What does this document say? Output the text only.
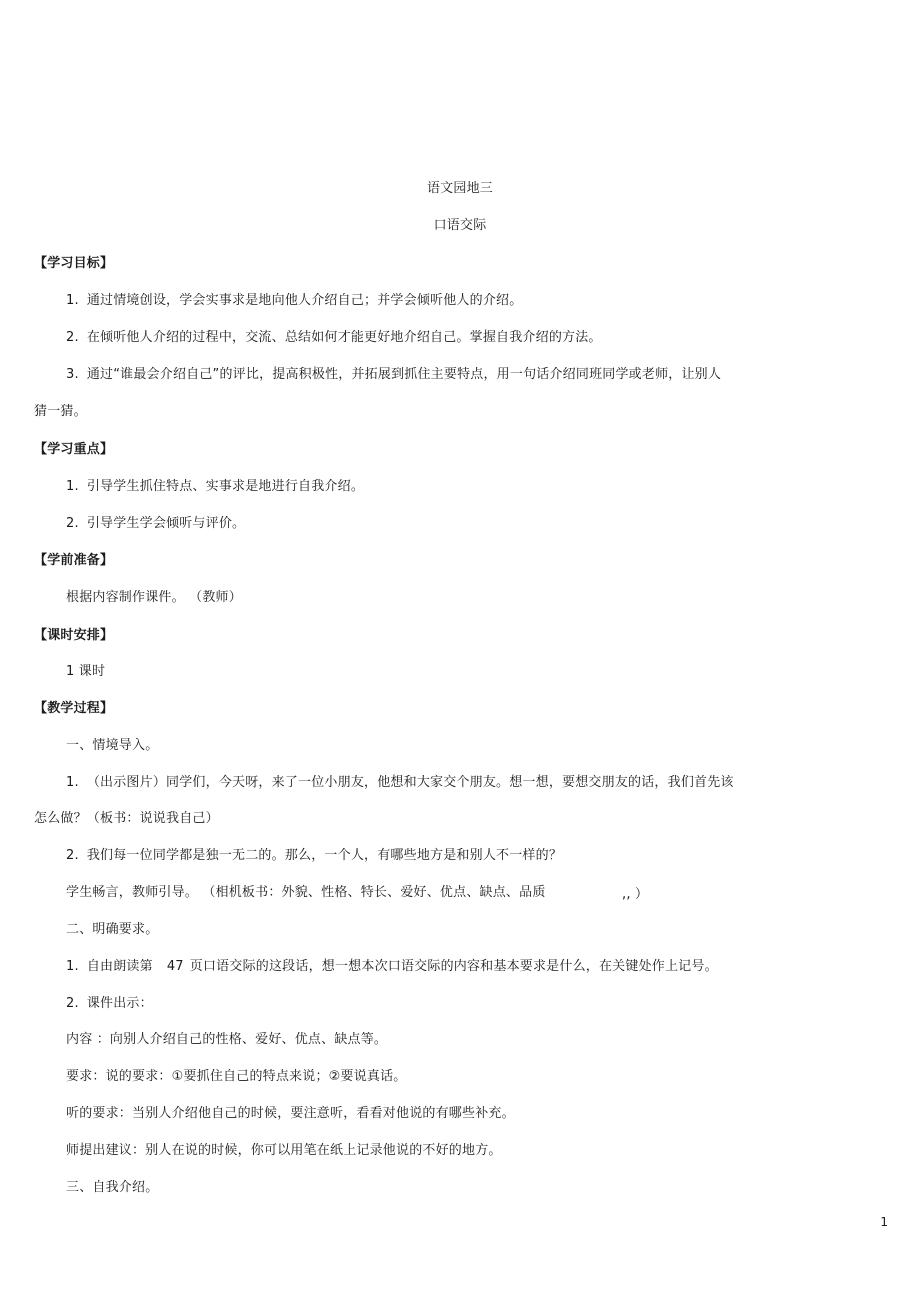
语文园地三
口语交际
【学习目标】
1. 通过情境创设，学会实事求是地向他人介绍自己；并学会倾听他人的介绍。
2. 在倾听他人介绍的过程中，交流、总结如何才能更好地介绍自己。掌握自我介绍的方法。
3. 通过“谁最会介绍自己”的评比，提高积极性，并拓展到抓住主要特点，用一句话介绍同班同学或老师，让别人
猜一猜。
【学习重点】
1. 引导学生抓住特点、实事求是地进行自我介绍。
2. 引导学生学会倾听与评价。
【学前准备】
根据内容制作课件。 （教师）
【课时安排】
1 课时
【教学过程】
一、情境导入。
1. （出示图片）同学们，今天呀，来了一位小朋友，他想和大家交个朋友。想一想，要想交朋友的话，我们首先该
怎么做？（板书：说说我自己）
2. 我们每一位同学都是独一无二的。那么，一个人，有哪些地方是和别人不一样的？
学生畅言，教师引导。 （相机板书：外貌、性格、特长、爱好、优点、缺点、品质	,, ）
二、明确要求。
1. 自由朗读第 47 页口语交际的这段话，想一想本次口语交际的内容和基本要求是什么，在关键处作上记号。
2. 课件出示：
内容 ：向别人介绍自己的性格、爱好、优点、缺点等。
要求：说的要求：①要抓住自己的特点来说；②要说真话。
听的要求：当别人介绍他自己的时候，要注意听，看看对他说的有哪些补充。
师提出建议：别人在说的时候，你可以用笔在纸上记录他说的不好的地方。
三、自我介绍。
1
